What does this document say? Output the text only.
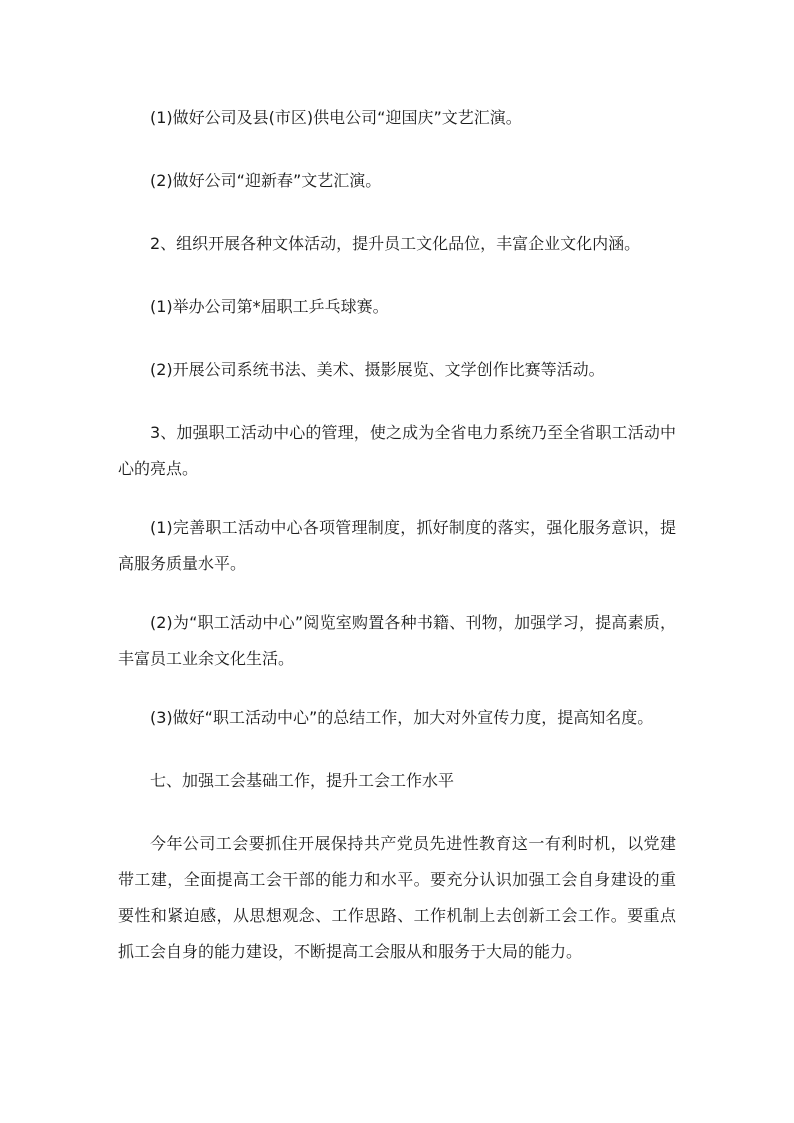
(1)做好公司及县(市区)供电公司“迎国庆”文艺汇演。

(2)做好公司“迎新春”文艺汇演。

2、组织开展各种文体活动，提升员工文化品位，丰富企业文化内涵。

(1)举办公司第*届职工乒乓球赛。

(2)开展公司系统书法、美术、摄影展览、文学创作比赛等活动。

3、加强职工活动中心的管理，使之成为全省电力系统乃至全省职工活动中心的亮点。

(1)完善职工活动中心各项管理制度，抓好制度的落实，强化服务意识，提高服务质量水平。

(2)为“职工活动中心”阅览室购置各种书籍、刊物，加强学习，提高素质，丰富员工业余文化生活。

(3)做好“职工活动中心”的总结工作，加大对外宣传力度，提高知名度。

七、加强工会基础工作，提升工会工作水平

今年公司工会要抓住开展保持共产党员先进性教育这一有利时机，以党建带工建，全面提高工会干部的能力和水平。要充分认识加强工会自身建设的重要性和紧迫感，从思想观念、工作思路、工作机制上去创新工会工作。要重点抓工会自身的能力建设，不断提高工会服从和服务于大局的能力。
